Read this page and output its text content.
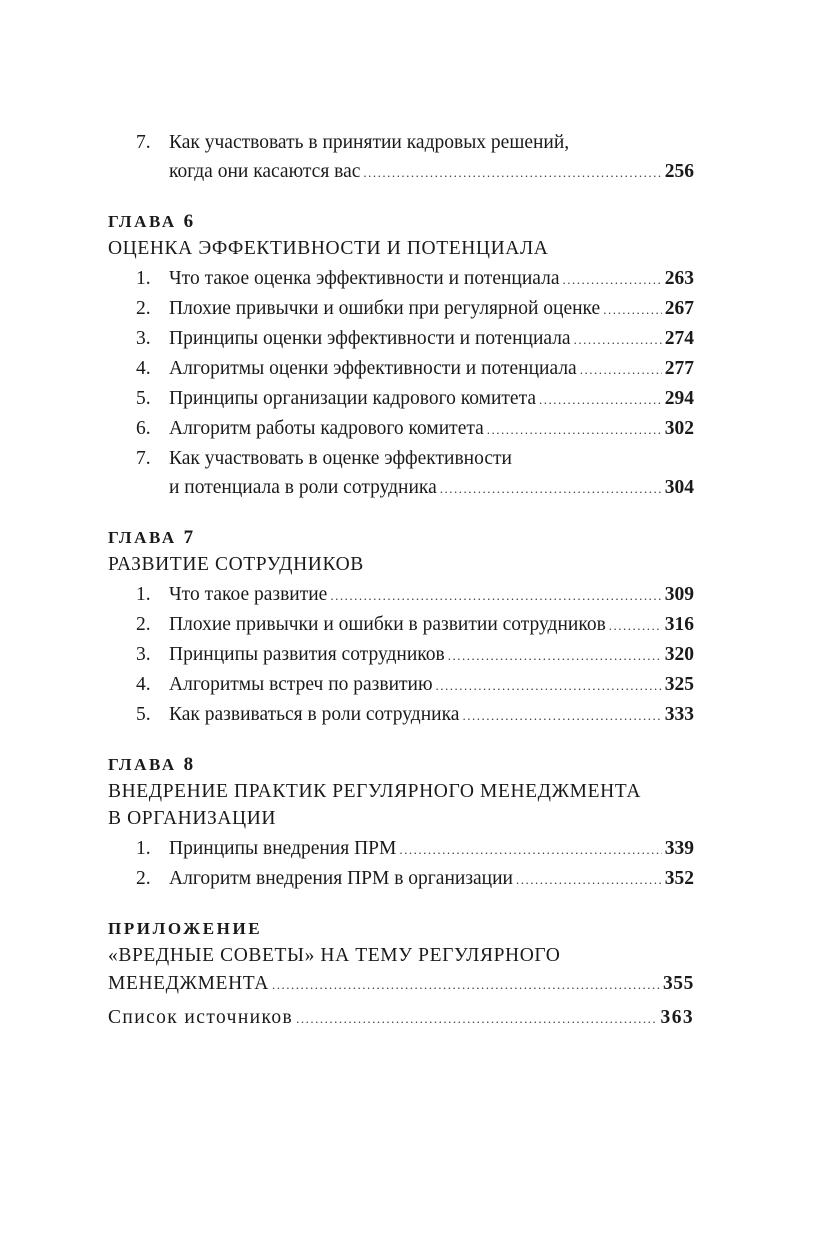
7. Как участвовать в принятии кадровых решений,
когда они касаются вас .....	256
ГЛАВА 6
ОЦЕНКА ЭФФЕКТИВНОСТИ И ПОТЕНЦИАЛА
1. Что такое оценка эффективности и потенциала .....	263
2. Плохие привычки и ошибки при регулярной оценке .....	267
3. Принципы оценки эффективности и потенциала .....	274
4. Алгоритмы оценки эффективности и потенциала .....	277
5. Принципы организации кадрового комитета .....	294
6. Алгоритм работы кадрового комитета .....	302
7. Как участвовать в оценке эффективности
и потенциала в роли сотрудника .....	304
ГЛАВА 7
РАЗВИТИЕ СОТРУДНИКОВ
1. Что такое развитие .....	309
2. Плохие привычки и ошибки в развитии сотрудников .....	316
3. Принципы развития сотрудников .....	320
4. Алгоритмы встреч по развитию .....	325
5. Как развиваться в роли сотрудника .....	333
ГЛАВА 8
ВНЕДРЕНИЕ ПРАКТИК РЕГУЛЯРНОГО МЕНЕДЖМЕНТА
В ОРГАНИЗАЦИИ
1. Принципы внедрения ПРМ .....	339
2. Алгоритм внедрения ПРМ в организации .....	352
ПРИЛОЖЕНИЕ
«ВРЕДНЫЕ СОВЕТЫ» НА ТЕМУ РЕГУЛЯРНОГО
МЕНЕДЖМЕНТА .....	355
Список источников .....	363
